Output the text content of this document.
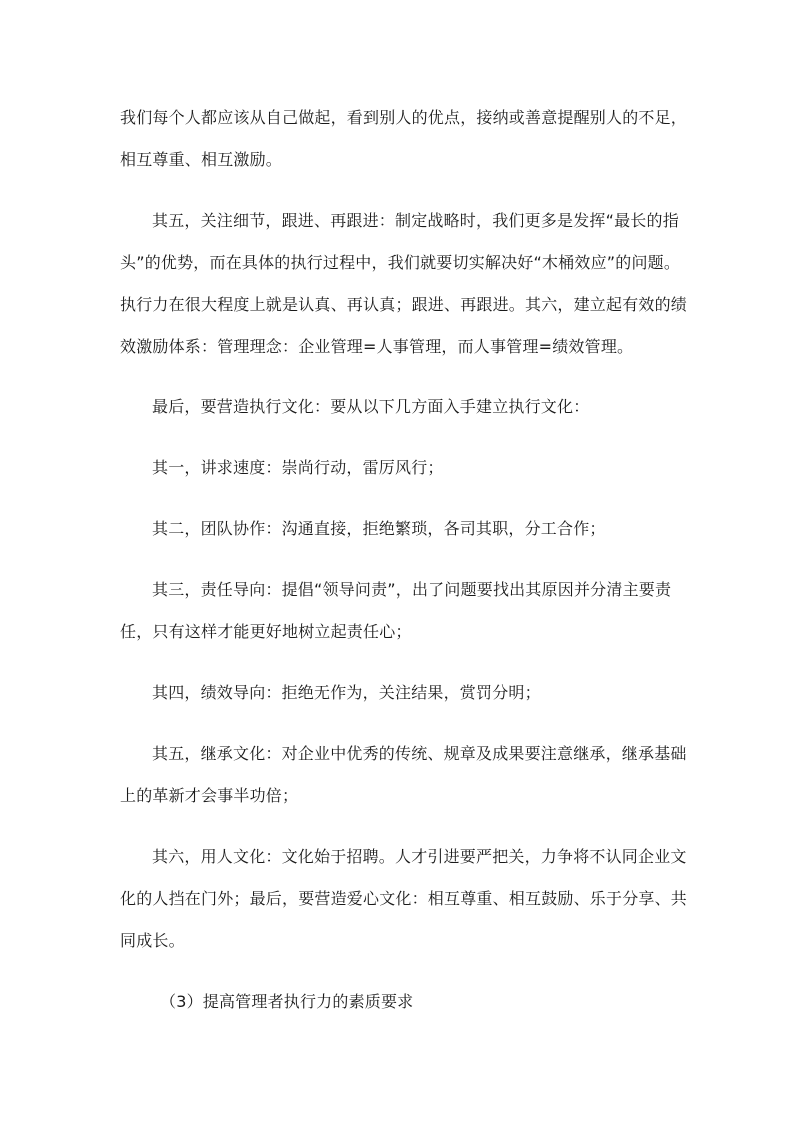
我们每个人都应该从自己做起，看到别人的优点，接纳或善意提醒别人的不足，
相互尊重、相互激励。
其五，关注细节，跟进、再跟进：制定战略时，我们更多是发挥“最长的指
头”的优势，而在具体的执行过程中，我们就要切实解决好“木桶效应”的问题。
执行力在很大程度上就是认真、再认真；跟进、再跟进。其六，建立起有效的绩
效激励体系：管理理念：企业管理=人事管理，而人事管理=绩效管理。
最后，要营造执行文化：要从以下几方面入手建立执行文化：
其一，讲求速度：崇尚行动，雷厉风行；
其二，团队协作：沟通直接，拒绝繁琐，各司其职，分工合作；
其三，责任导向：提倡“领导问责”，出了问题要找出其原因并分清主要责
任，只有这样才能更好地树立起责任心；
其四，绩效导向：拒绝无作为，关注结果，赏罚分明；
其五，继承文化：对企业中优秀的传统、规章及成果要注意继承，继承基础
上的革新才会事半功倍；
其六，用人文化：文化始于招聘。人才引进要严把关，力争将不认同企业文
化的人挡在门外；最后，要营造爱心文化：相互尊重、相互鼓励、乐于分享、共
同成长。
（3）提高管理者执行力的素质要求
